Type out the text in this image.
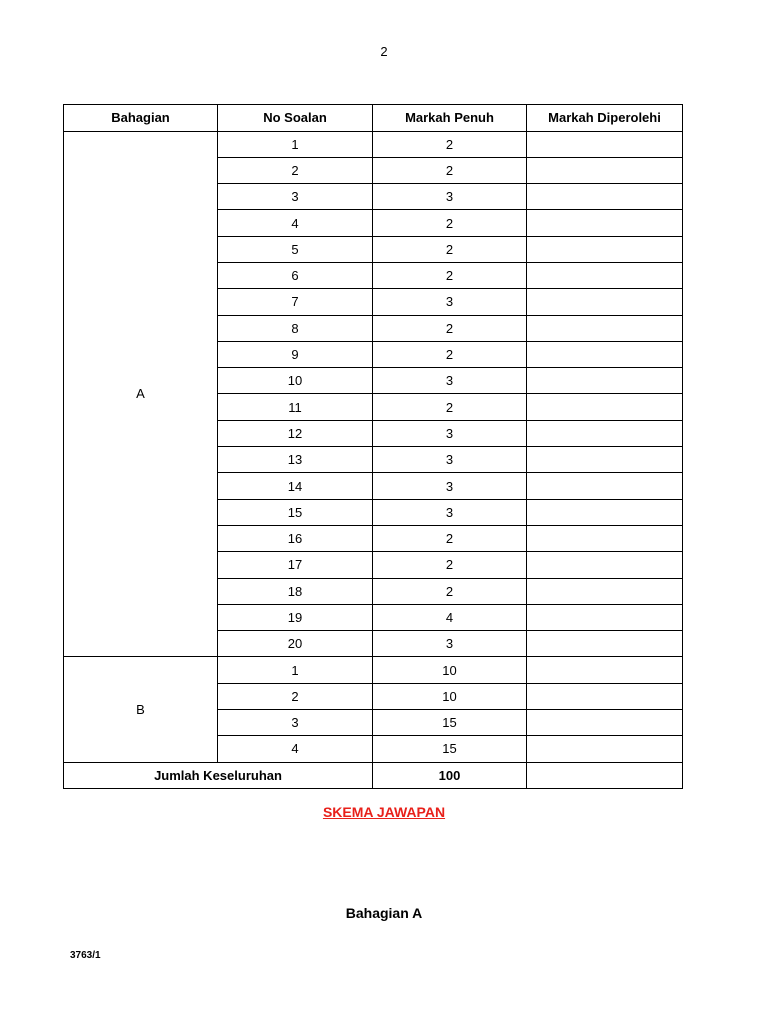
2
Bahagian	No Soalan	Markah Penuh	Markah Diperolehi
A	1	2	
	2	2	
	3	3	
	4	2	
	5	2	
	6	2	
	7	3	
	8	2	
	9	2	
	10	3	
	11	2	
	12	3	
	13	3	
	14	3	
	15	3	
	16	2	
	17	2	
	18	2	
	19	4	
	20	3	
B	1	10	
	2	10	
	3	15	
	4	15	
Jumlah Keseluruhan		100	
SKEMA JAWAPAN
Bahagian A
3763/1
